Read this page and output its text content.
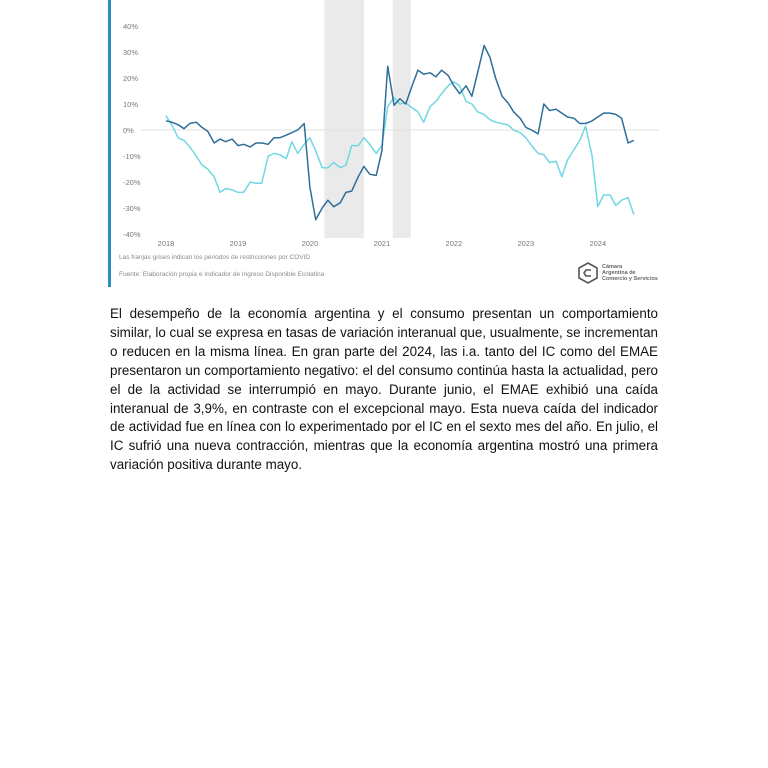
40%
30%
20%
10%
0%
-10%
-20%
-30%
-40%
2018	2019	2020	2021	2022	2023	2024
Las franjas grises indican los periodos de restricciones por COVID
Fuente: Elaboración propia e Indicador de Ingreso Disponible Ecolatina
Cámara
Argentina de
Comercio y Servicios

El desempeño de la economía argentina y el consumo presentan un comportamiento similar, lo cual se expresa en tasas de variación interanual que, usualmente, se incrementan o reducen en la misma línea. En gran parte del 2024, las i.a. tanto del IC como del EMAE presentaron un comportamiento negativo: el del consumo continúa hasta la actualidad, pero el de la actividad se interrumpió en mayo. Durante junio, el EMAE exhibió una caída interanual de 3,9%, en contraste con el excepcional mayo. Esta nueva caída del indicador de actividad fue en línea con lo experimentado por el IC en el sexto mes del año. En julio, el IC sufrió una nueva contracción, mientras que la economía argentina mostró una primera variación positiva durante mayo.
